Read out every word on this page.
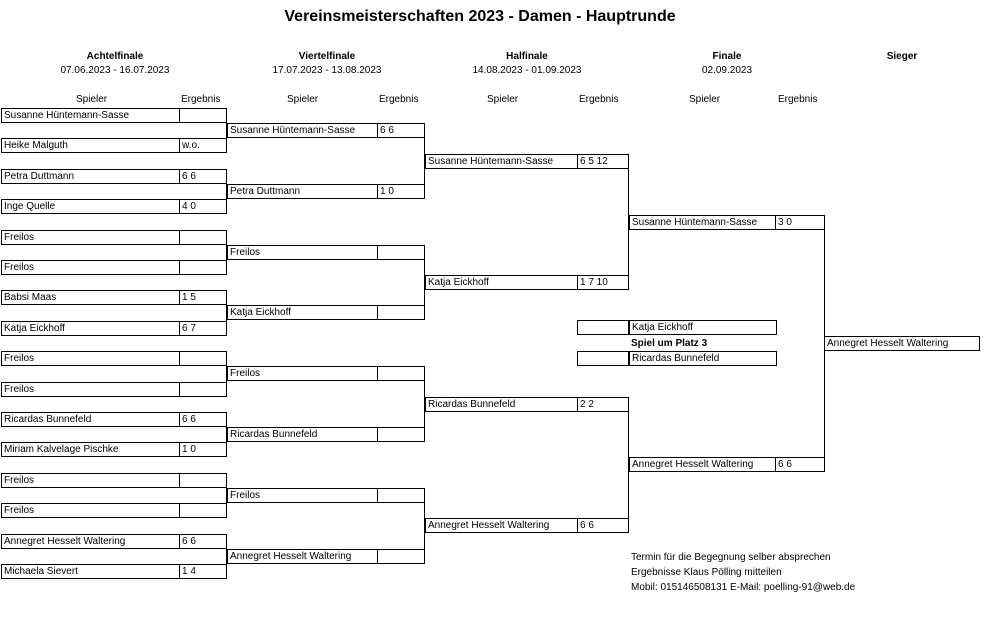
Vereinsmeisterschaften 2023 - Damen - Hauptrunde
Achtelfinale
07.06.2023 - 16.07.2023
Viertelfinale
17.07.2023 - 13.08.2023
Halfinale
14.08.2023 - 01.09.2023
Finale
02.09.2023
Sieger
Spieler	Ergebnis	Spieler	Ergebnis	Spieler	Ergebnis	Spieler	Ergebnis
Susanne Hüntemann-Sasse
Heike Malguth	w.o.
Petra Duttmann	6 6
Inge Quelle	4 0
Freilos
Freilos
Babsi Maas	1 5
Katja Eickhoff	6 7
Freilos
Freilos
Ricardas Bunnefeld	6 6
Miriam Kalvelage Pischke	1 0
Freilos
Freilos
Annegret Hesselt Waltering	6 6
Michaela Sievert	1 4
Susanne Hüntemann-Sasse	6 6
Petra Duttmann	1 0
Freilos
Katja Eickhoff
Freilos
Ricardas Bunnefeld
Freilos
Annegret Hesselt Waltering
Susanne Hüntemann-Sasse	6 5 12
Katja Eickhoff	1 7 10
Ricardas Bunnefeld	2 2
Annegret Hesselt Waltering	6 6
Susanne Hüntemann-Sasse	3 0
Annegret Hesselt Waltering	6 6
Spiel um Platz 3
Katja Eickhoff
Ricardas Bunnefeld
Annegret Hesselt Waltering
Termin für die Begegnung selber absprechen
Ergebnisse Klaus Pölling mitteilen
Mobil: 015146508131 E-Mail: poelling-91@web.de
